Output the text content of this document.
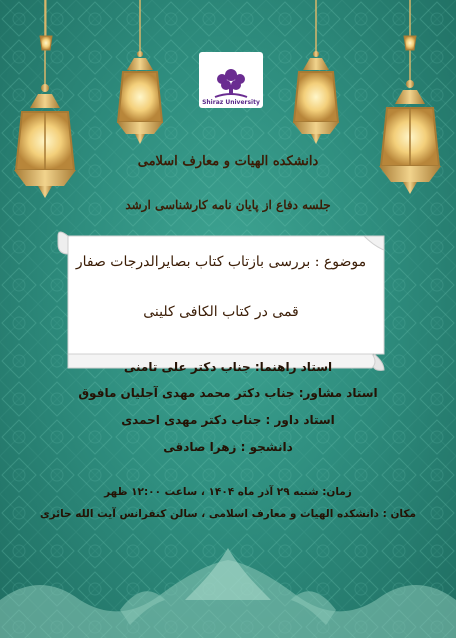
Shiraz University
دانشکده الهیات و معارف اسلامی
جلسه دفاع از پایان نامه کارشناسی ارشد
موضوع : بررسی بازتاب کتاب بصایرالدرجات صفار
قمی در کتاب الکافی کلینی
استاد راهنما: جناب دکتر علی تامنی
استاد مشاور: جناب دکتر محمد مهدی آجلیان مافوق
استاد داور : جناب دکتر مهدی احمدی
دانشجو : زهرا صادقی
زمان: شنبه ۲۹ آذر ماه ۱۴۰۴ ، ساعت ۱۲:۰۰ ظهر
مکان : دانشکده الهیات و معارف اسلامی ، سالن کنفرانس آیت الله حائری
